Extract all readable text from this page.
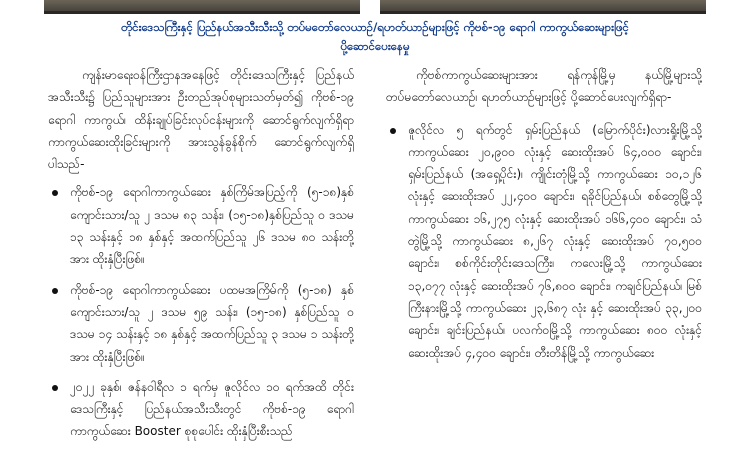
တိုင်းဒေသကြီးနှင့် ပြည်နယ်အသီးသီးသို့ တပ်မတော်လေယာဉ်/ရဟတ်ယာဉ်များဖြင့် ကိုဗစ်-၁၉ ရောဂါ ကာကွယ်ဆေးများဖြင့်
ပို့ဆောင်ပေးနေမှု

ကျန်းမာရေးဝန်ကြီးဌာနအနေဖြင့် တိုင်းဒေသကြီးနှင့် ပြည်နယ်အသီးသီး၌ ပြည်သူများအား ဦးတည်အုပ်စုများသတ်မှတ်၍ ကိုဗစ်-၁၉ ရောဂါ ကာကွယ်၊ ထိန်းချုပ်ခြင်းလုပ်ငန်းများကို ဆောင်ရွက်လျက်ရှိရာ ကာကွယ်ဆေးထိုးခြင်းများကို အားသွန်ခွန်စိုက် ဆောင်ရွက်လျက်ရှိပါသည်-

ကိုဗစ်-၁၉ ရောဂါကာကွယ်ဆေး နှစ်ကြိမ်အပြည့်ကို (၅-၁၈)နှစ်ကျောင်းသား/သူ ၂ ဒသမ ၈၃ သန်း၊ (၁၅-၁၈)နှစ်ပြည်သူ ၀ ဒသမ ၁၃ သန်းနှင့် ၁၈ နှစ်နှင့် အထက်ပြည်သူ ၂၆ ဒသမ ၈၀ သန်းတို့အား ထိုးနှံပြီးဖြစ်။
ကိုဗစ်-၁၉ ရောဂါကာကွယ်ဆေး ပထမအကြိမ်ကို (၅-၁၈) နှစ်ကျောင်းသား/သူ ၂ ဒသမ ၅၉ သန်း၊ (၁၅-၁၈) နှစ်ပြည်သူ ၀ ဒသမ ၁၄ သန်းနှင့် ၁၈ နှစ်နှင့် အထက်ပြည်သူ ၃ ဒသမ ၁ သန်းတို့အား ထိုးနှံပြီးဖြစ်။
၂၀၂၂ ခုနှစ်၊ ဇန်နဝါရီလ ၁ ရက်မှ ဇူလိုင်လ ၁၀ ရက်အထိ တိုင်းဒေသကြီးနှင့် ပြည်နယ်အသီးသီးတွင် ကိုဗစ်-၁၉ ရောဂါ ကာကွယ်ဆေး Booster စုစုပေါင်း ထိုးနှံပြီးစီးသည်

ကိုဗစ်ကာကွယ်ဆေးများအား ရန်ကုန်မြို့မှ နယ်မြို့များသို့ တပ်မတော်လေယာဉ်၊ ရဟတ်ယာဉ်များဖြင့် ပို့ဆောင်ပေးလျက်ရှိရာ-

ဇူလိုင်လ ၅ ရက်တွင် ရှမ်းပြည်နယ် (မြောက်ပိုင်း)လားရှိုးမြို့သို့ ကာကွယ်ဆေး ၂၀,၉၀၀ လုံးနှင့် ဆေးထိုးအပ် ၆၄,၀၀၀ ချောင်း၊ ရှမ်းပြည်နယ် (အရှေ့ပိုင်း)၊ ကျိုင်းတုံမြို့သို့ ကာကွယ်ဆေး ၁၀,၁၂၆ လုံးနှင့် ဆေးထိုးအပ် ၂၂,၄၀၀ ချောင်း၊ ရခိုင်ပြည်နယ်၊ စစ်တွေမြို့သို့ ကာကွယ်ဆေး ၁၆,၂၇၅ လုံးနှင့် ဆေးထိုးအပ် ၁၆၆,၄၀၀ ချောင်း၊ သံတွဲမြို့သို့ ကာကွယ်ဆေး ၈,၂၆၇ လုံးနှင့် ဆေးထိုးအပ် ၇၀,၅၀၀ ချောင်း၊ စစ်ကိုင်းတိုင်းဒေသကြီး၊ ကလေးမြို့သို့ ကာကွယ်ဆေး ၁၃,၀၇၇ လုံးနှင့် ဆေးထိုးအပ် ၇၆,၈၀၀ ချောင်း၊ ကချင်ပြည်နယ်၊ မြစ်ကြီးနားမြို့သို့ ကာကွယ်ဆေး ၂၃,၆၈၇ လုံး နှင့် ဆေးထိုးအပ် ၃၃,၂၀၀ ချောင်း၊ ချင်းပြည်နယ်၊ ပလက်ဝမြို့သို့ ကာကွယ်ဆေး ၈၀၀ လုံးနှင့် ဆေးထိုးအပ် ၄,၄၀၀ ချောင်း၊ တီးတိန်မြို့သို့ ကာကွယ်ဆေး
